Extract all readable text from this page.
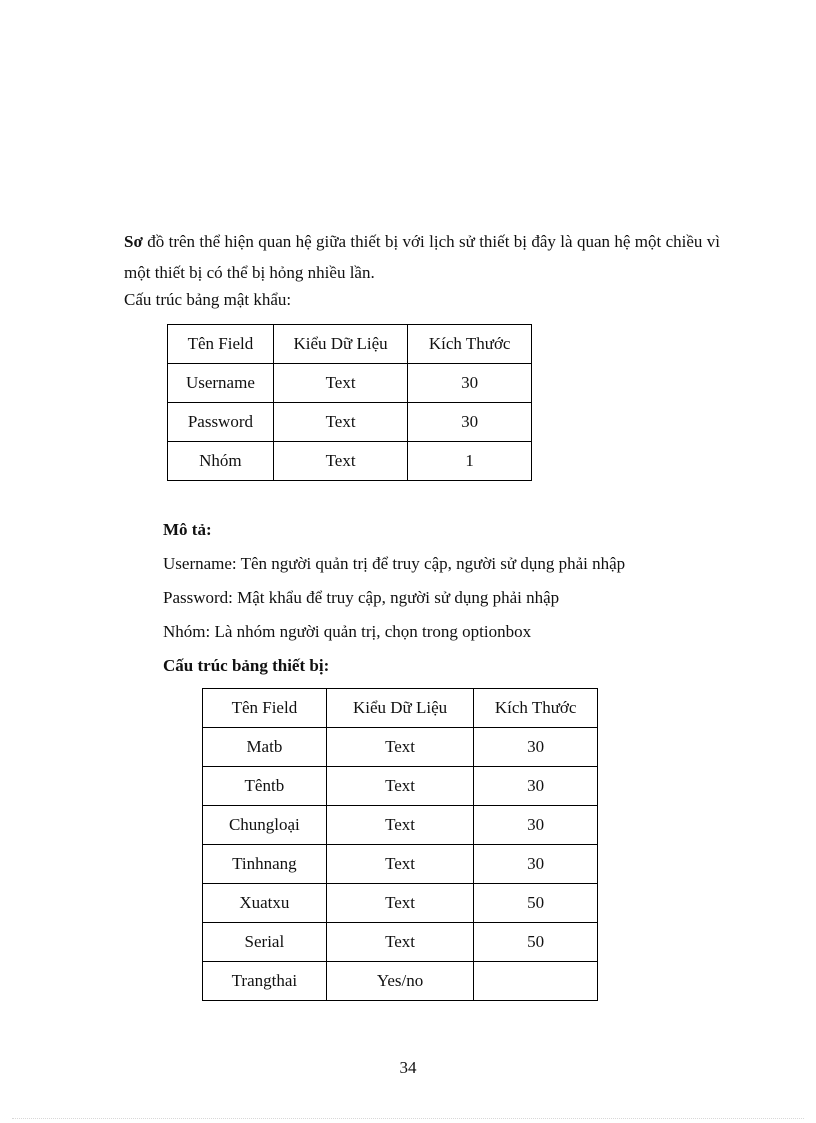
Sơ đồ trên thể hiện quan hệ giữa thiết bị với lịch sử thiết bị đây là quan hệ một chiều vì một thiết bị có thể bị hỏng nhiều lần.

Cấu trúc bảng mật khẩu:

Tên Field	Kiểu Dữ Liệu	Kích Thước
Username	Text	30
Password	Text	30
Nhóm	Text	1

Mô tả:

Username: Tên người quản trị để truy cập, người sử dụng phải nhập

Password: Mật khẩu để truy cập, người sử dụng phải nhập

Nhóm: Là nhóm người quản trị, chọn trong optionbox

Cấu trúc bảng thiết bị:

Tên Field	Kiểu Dữ Liệu	Kích Thước
Matb	Text	30
Têntb	Text	30
Chungloại	Text	30
Tinhnang	Text	30
Xuatxu	Text	50
Serial	Text	50
Trangthai	Yes/no	
34
